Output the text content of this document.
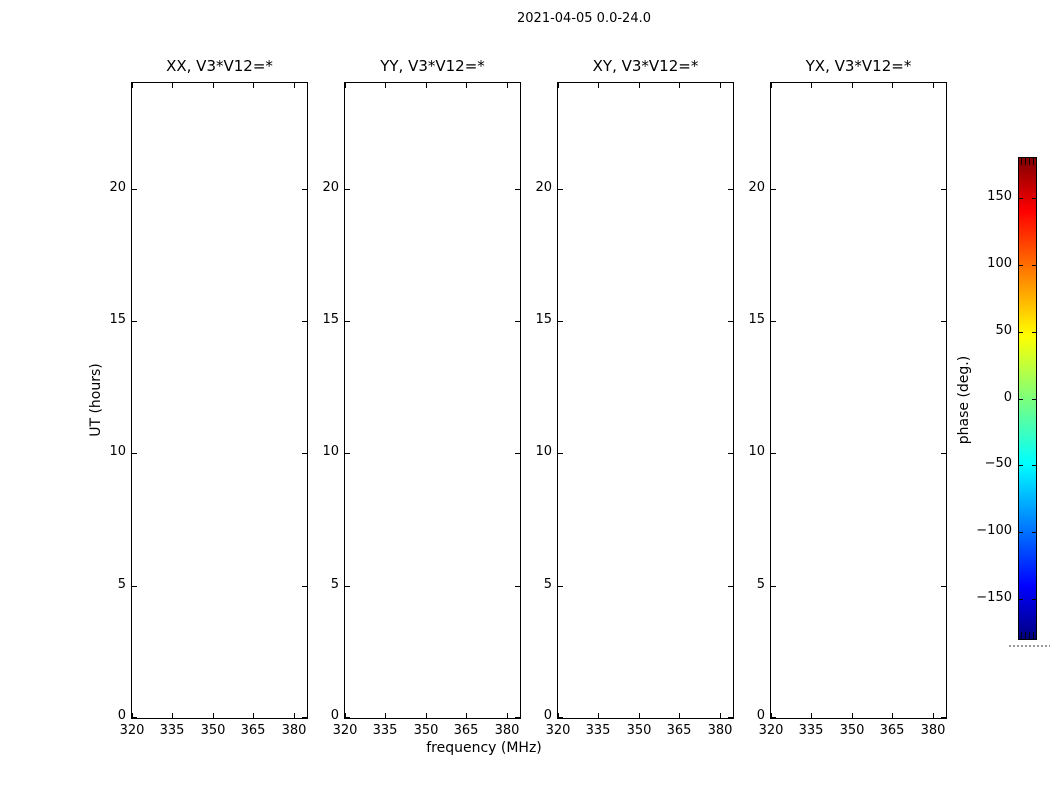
2021-04-05 0.0-24.0
XX, V3*V12=*	YY, V3*V12=*	XY, V3*V12=*	YX, V3*V12=*
frequency (MHz)
UT (hours)	phase (deg.)
320	335	350	365	380
0
5
10
15
20
320	335	350	365	380
0
5
10
15
20
320	335	350	365	380
0
5
10
15
20
320	335	350	365	380
0
5
10
15
20
150
100
50
0
−50
−100
−150
